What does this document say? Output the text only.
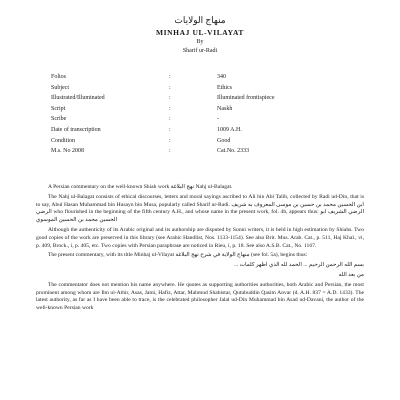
منهاج الولايات
MINHAJ UL-VILAYAT
By
Sharif ur-Radi
Folios	:	340
Subject	:	Ethics
Illustrated/Illuminated	:	Illuminated frontispiece
Script	:	Naskh
Scribe	:	-
Date of transcription	:	1009 A.H.
Condition	:	Good
M.s. No 2008	:	Cat.No. 2333

A Persian commentary on the well-known Shiah work نهج البلاغة Nahj ul-Balagat.

The Nahj ul-Balagat consists of ethical discourses, letters and moral sayings ascribed to Ali bin Abi Talib, collected by Radi ud-Din, that is to say, Abul Hasan Muhammad bin Husayn bin Musa, popularly called Sharif ur-Radi. ابن الحسين محمد بن حسين بن موسى المعروف به شريف الرضي who flourished in the beginning of the fifth century A.H., and whose name in the present work, fol. 4b, appears thus: الرضي الشريف ابو الحسين محمد بن الحسين الموسوي

Although the authenticity of its Arabic original and its authorship are disputed by Sunni writers, it is held in high estimation by Shiahs. Two good copies of the work are preserved in this library (see Arabic Handlist, Nos. 1133-1154). See also Brit. Mus. Arab. Cat., p. 511, Haj Khal., vi, p. 409, Brock., i, p. 405, etc. Two copies with Persian paraphrase are noticed in Rieu, i, p. 18. See also A.S.B. Cat., No. 1167.

The present commentary, with its title Minhaj ul-Vilayat منهاج الولاية في شرح نهج البلاغة (see fol. 5a), begins thus:

بسم الله الرحمن الرحيم ... الحمد لله الذي اظهر كلمات ...

من بعد الله

The commentator does not mention his name anywhere. He quotes as supporting authorities authorities, both Arabic and Persian, the most prominent among whom are Ibn ul-Athir, Asas, Jami, Hafiz, Attar, Mahmud Shabistar, Qutubuddin Qasim Anvar (d. A.H. 837 = A.D. 1433). The latest authority, as far as I have been able to trace, is the celebrated philosopher Jalal ud-Din Muhammad bin Asad ud-Davani, the author of the well-known Persian work
